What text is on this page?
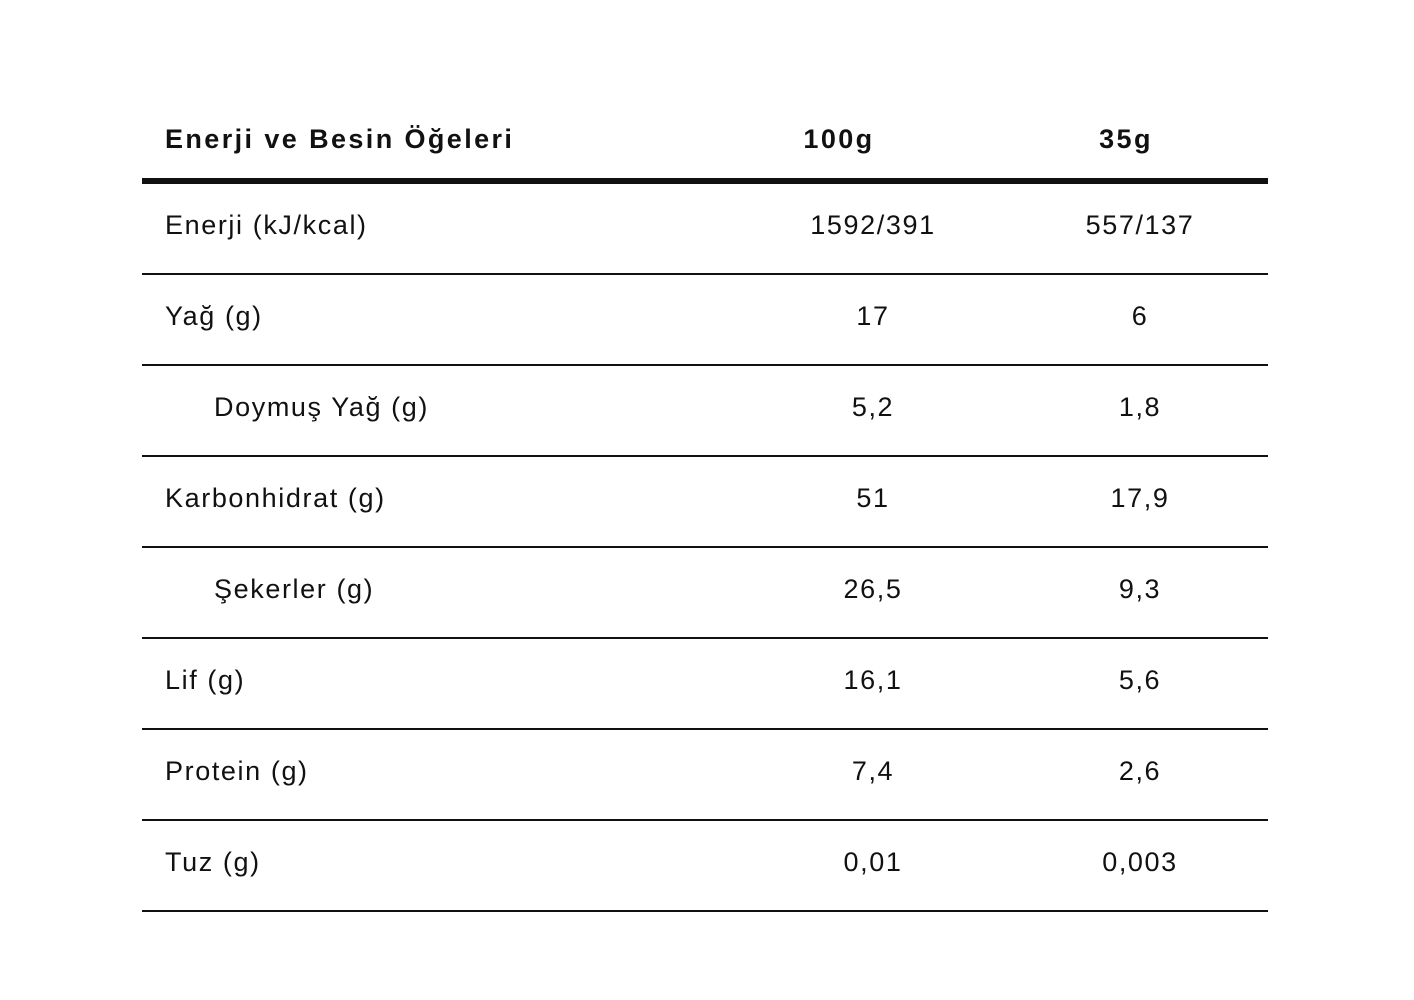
Enerji ve Besin Öğeleri	100g	35g
Enerji (kJ/kcal)	1592/391	557/137
Yağ (g)	17	6
Doymuş Yağ (g)	5,2	1,8
Karbonhidrat (g)	51	17,9
Şekerler (g)	26,5	9,3
Lif (g)	16,1	5,6
Protein (g)	7,4	2,6
Tuz (g)	0,01	0,003
